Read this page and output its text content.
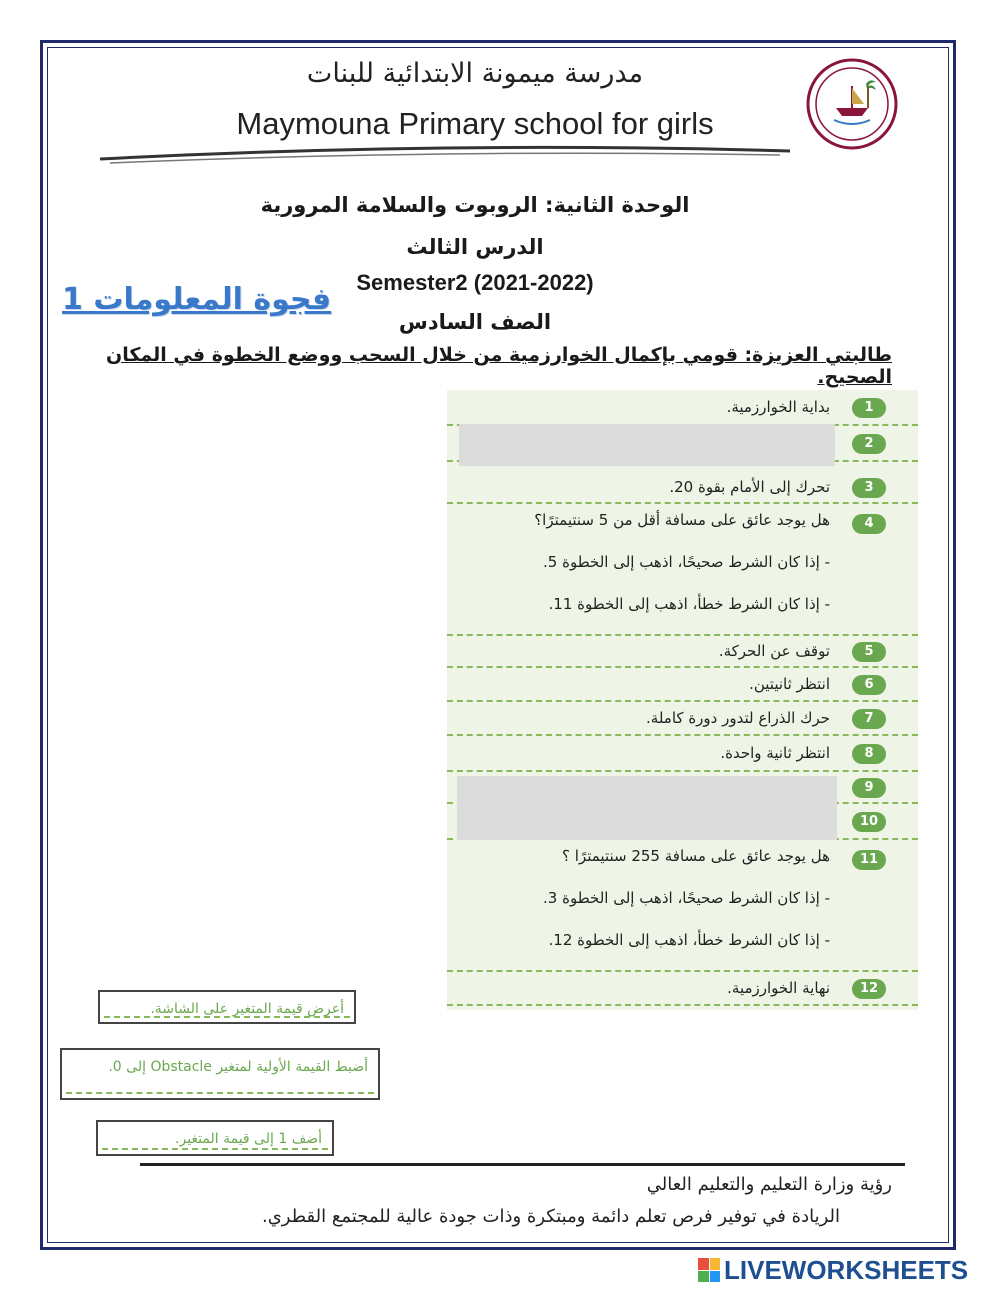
مدرسة ميمونة الابتدائية للبنات
Maymouna Primary school for girls
الوحدة الثانية: الروبوت والسلامة المرورية
الدرس الثالث
Semester2 (2021-2022)
الصف السادس
فجوة المعلومات 1
طالبتي العزيزة: قومي بإكمال الخوارزمية من خلال السحب ووضع الخطوة في المكان الصحيح.
1
بداية الخوارزمية.
2
3
تحرك إلى الأمام بقوة 20.
4
هل يوجد عائق على مسافة أقل من 5 سنتيمترًا؟
- إذا كان الشرط صحيحًا، اذهب إلى الخطوة 5.
- إذا كان الشرط خطأ، اذهب إلى الخطوة 11.
5
توقف عن الحركة.
6
انتظر ثانيتين.
7
حرك الذراع لتدور دورة كاملة.
8
انتظر ثانية واحدة.
9
10
11
هل يوجد عائق على مسافة 255 سنتيمترًا ؟
- إذا كان الشرط صحيحًا، اذهب إلى الخطوة 3.
- إذا كان الشرط خطأ، اذهب إلى الخطوة 12.
12
نهاية الخوارزمية.
أعرض قيمة المتغير على الشاشة.
أضبط القيمة الأولية لمتغير Obstacle إلى 0.
أضف 1 إلى قيمة المتغير.
رؤية وزارة التعليم والتعليم العالي
الريادة في توفير فرص تعلم دائمة ومبتكرة وذات جودة عالية للمجتمع القطري.
LIVEWORKSHEETS
